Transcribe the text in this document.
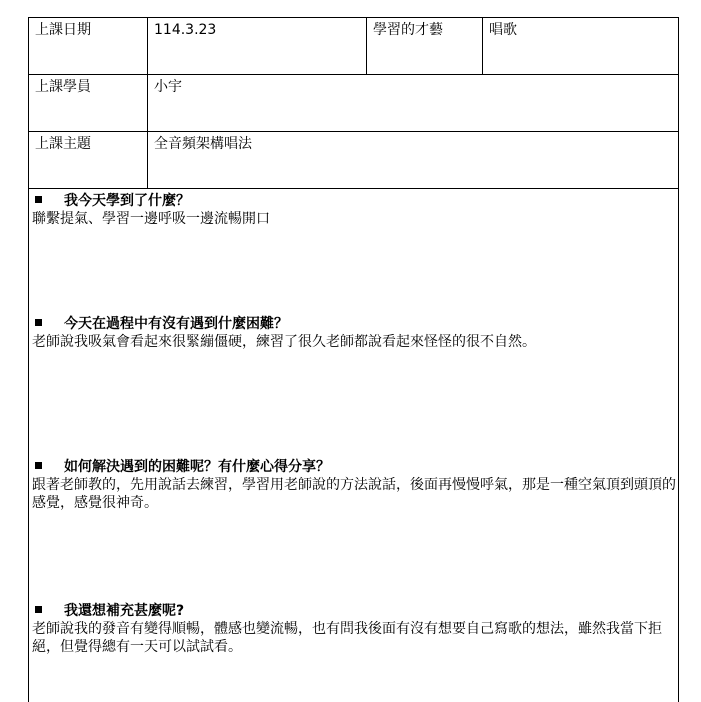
上課日期	114.3.23	學習的才藝	唱歌
上課學員	小宇
上課主題	全音頻架構唱法
我今天學到了什麼？
聯繫提氣、學習一邊呼吸一邊流暢開口
今天在過程中有沒有遇到什麼困難？
老師說我吸氣會看起來很緊繃僵硬，練習了很久老師都說看起來怪怪的很不自然。
如何解決遇到的困難呢？有什麼心得分享？
跟著老師教的，先用說話去練習，學習用老師說的方法說話，後面再慢慢呼氣，那是一種空氣頂到頭頂的感覺，感覺很神奇。
我還想補充甚麼呢?
老師說我的發音有變得順暢，體感也變流暢，也有問我後面有沒有想要自己寫歌的想法，雖然我當下拒絕，但覺得總有一天可以試試看。
